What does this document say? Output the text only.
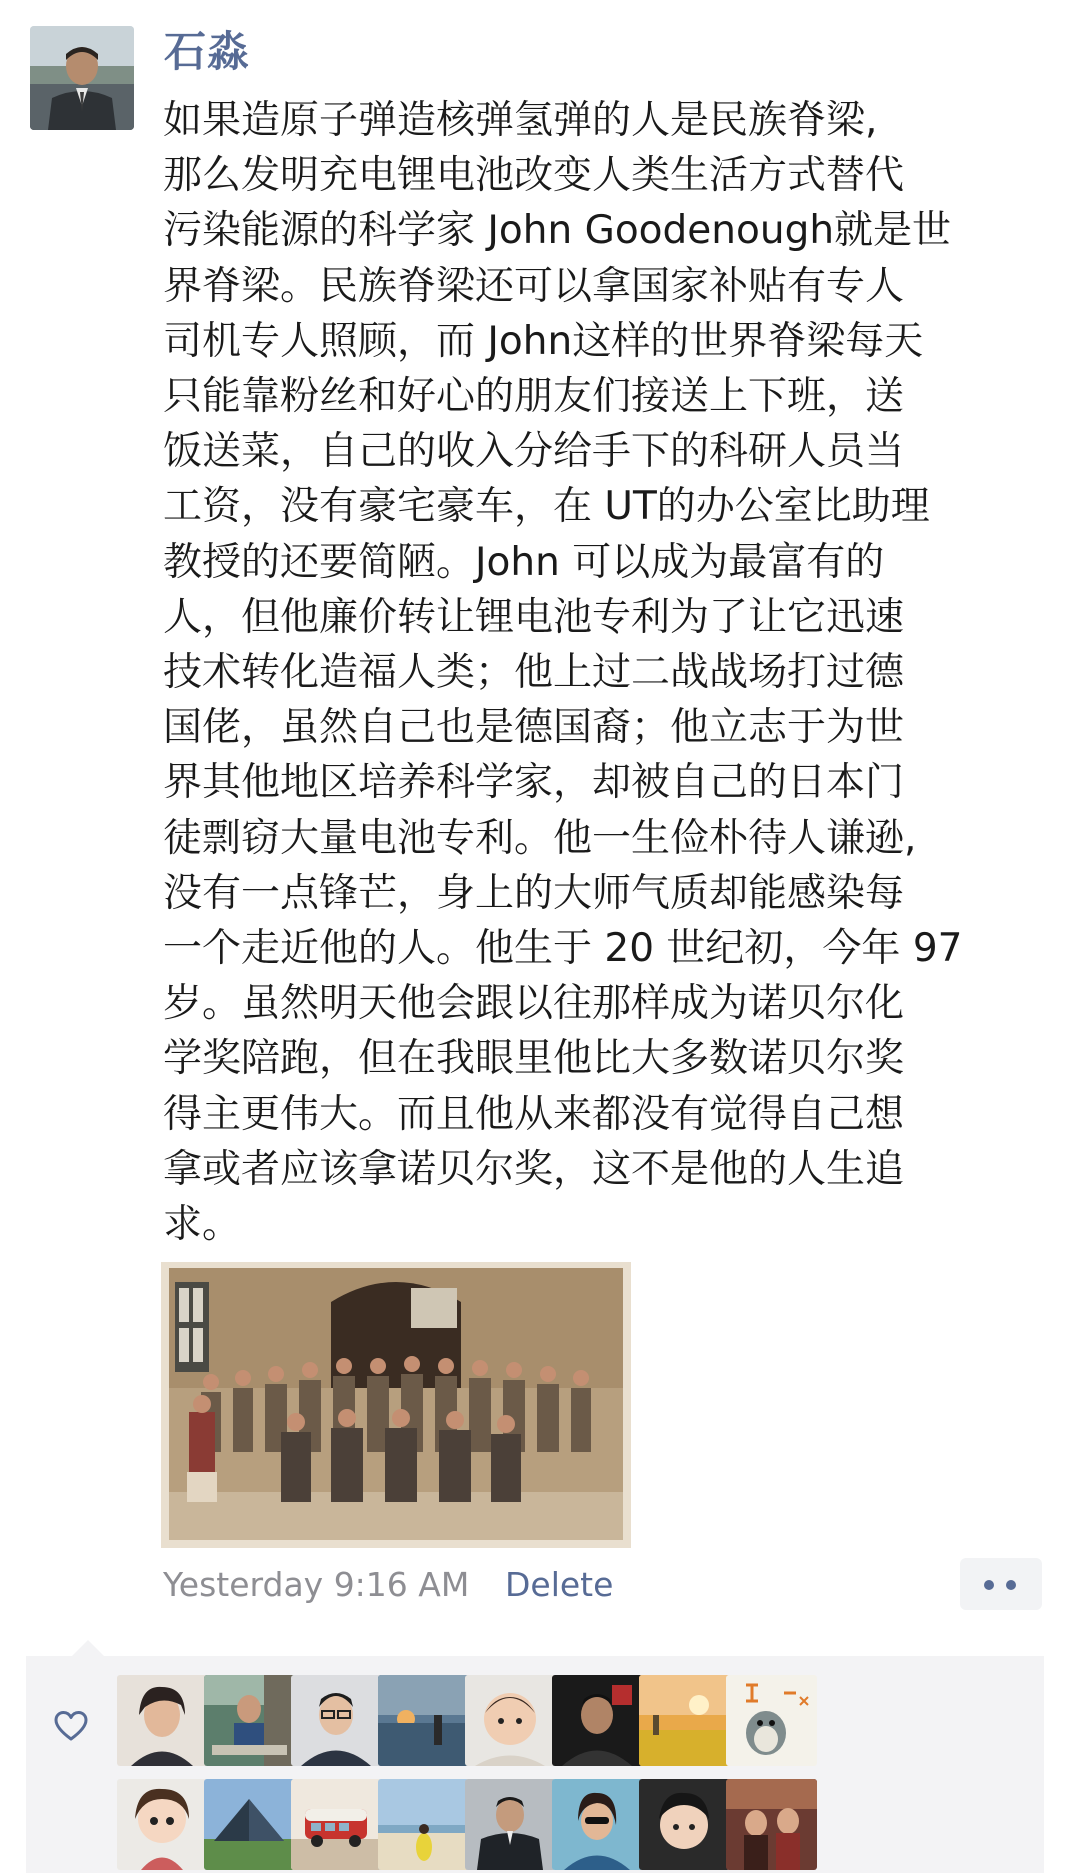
石淼
如果造原子弹造核弹氢弹的人是民族脊梁,
那么发明充电锂电池改变人类生活方式替代
污染能源的科学家 John Goodenough就是世
界脊梁。民族脊梁还可以拿国家补贴有专人
司机专人照顾，而 John这样的世界脊梁每天
只能靠粉丝和好心的朋友们接送上下班，送
饭送菜，自己的收入分给手下的科研人员当
工资，没有豪宅豪车，在 UT的办公室比助理
教授的还要简陋。John 可以成为最富有的
人，但他廉价转让锂电池专利为了让它迅速
技术转化造福人类；他上过二战战场打过德
国佬，虽然自己也是德国裔；他立志于为世
界其他地区培养科学家，却被自己的日本门
徒剽窃大量电池专利。他一生俭朴待人谦逊,
没有一点锋芒，身上的大师气质却能感染每
一个走近他的人。他生于 20 世纪初，今年 97
岁。虽然明天他会跟以往那样成为诺贝尔化
学奖陪跑，但在我眼里他比大多数诺贝尔奖
得主更伟大。而且他从来都没有觉得自己想
拿或者应该拿诺贝尔奖，这不是他的人生追
求。
Yesterday 9:16 AM Delete
